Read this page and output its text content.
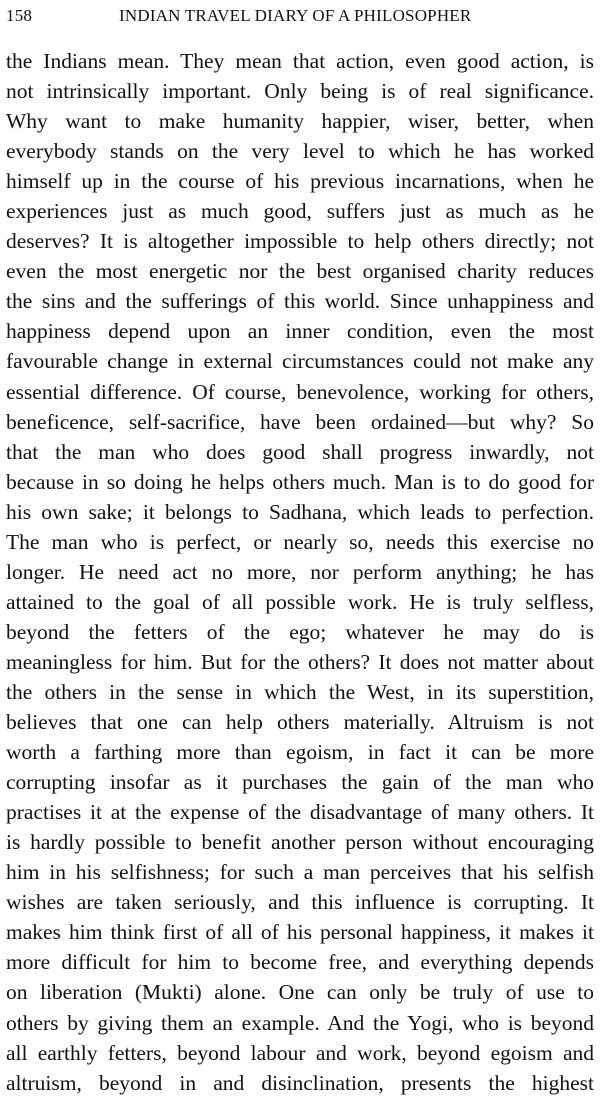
158	INDIAN TRAVEL DIARY OF A PHILOSOPHER
the Indians mean. They mean that action, even good action, is
not intrinsically important. Only being is of real significance.
Why want to make humanity happier, wiser, better, when
everybody stands on the very level to which he has worked
himself up in the course of his previous incarnations, when he
experiences just as much good, suffers just as much as he
deserves? It is altogether impossible to help others directly; not
even the most energetic nor the best organised charity reduces
the sins and the sufferings of this world. Since unhappiness and
happiness depend upon an inner condition, even the most
favourable change in external circumstances could not make any
essential difference. Of course, benevolence, working for others,
beneficence, self-sacrifice, have been ordained—but why? So
that the man who does good shall progress inwardly, not
because in so doing he helps others much. Man is to do good for
his own sake; it belongs to Sadhana, which leads to perfection.
The man who is perfect, or nearly so, needs this exercise no
longer. He need act no more, nor perform anything; he has
attained to the goal of all possible work. He is truly selfless,
beyond the fetters of the ego; whatever he may do is
meaningless for him. But for the others? It does not matter about
the others in the sense in which the West, in its superstition,
believes that one can help others materially. Altruism is not
worth a farthing more than egoism, in fact it can be more
corrupting insofar as it purchases the gain of the man who
practises it at the expense of the disadvantage of many others. It
is hardly possible to benefit another person without encouraging
him in his selfishness; for such a man perceives that his selfish
wishes are taken seriously, and this influence is corrupting. It
makes him think first of all of his personal happiness, it makes it
more difficult for him to become free, and everything depends
on liberation (Mukti) alone. One can only be truly of use to
others by giving them an example. And the Yogi, who is beyond
all earthly fetters, beyond labour and work, beyond egoism and
altruism, beyond in and disinclination, presents the highest
